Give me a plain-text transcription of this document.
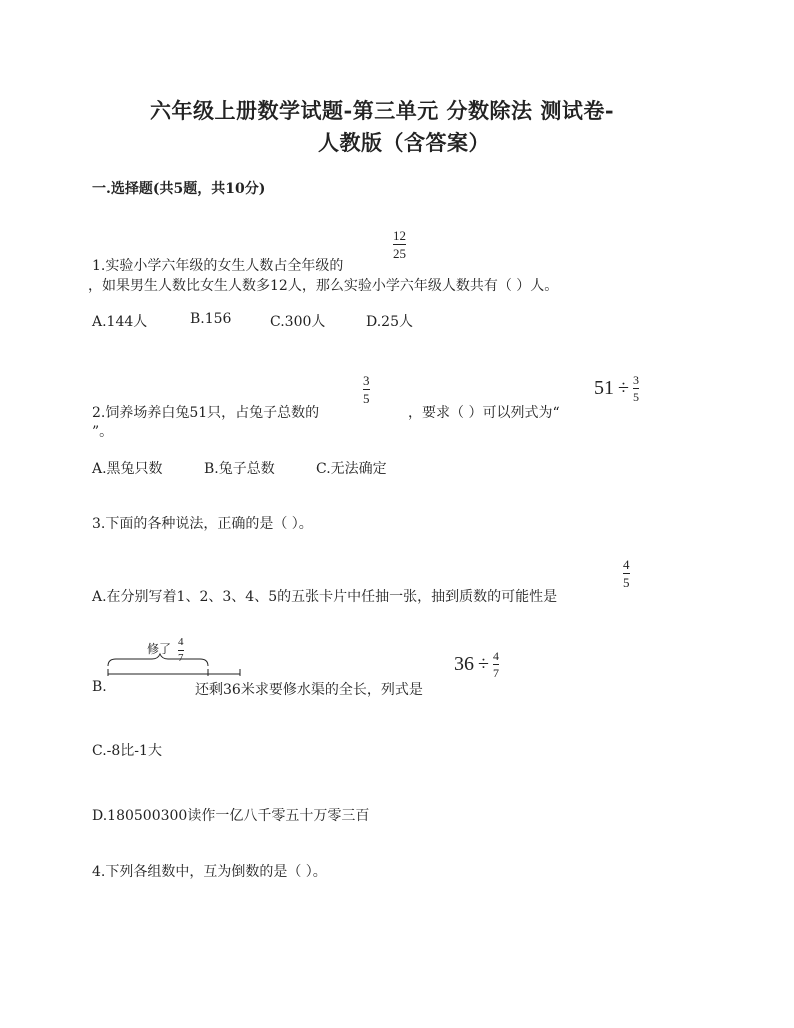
六年级上册数学试题-第三单元 分数除法 测试卷-
人教版（含答案）
一.选择题(共5题，共10分)
1.实验小学六年级的女生人数占全年级的
12
25
，如果男生人数比女生人数多12人，那么实验小学六年级人数共有（ ）人。
A.144人	B.156	C.300人	D.25人
2.饲养场养白兔51只，占兔子总数的
3
5
，要求（ ）可以列式为“
$51 \div \frac{3}{5}$
”。
A.黑兔只数	B.兔子总数	C.无法确定
3.下面的各种说法，正确的是（ ）。
A.在分别写着1、2、3、4、5的五张卡片中任抽一张，抽到质数的可能性是
4
5
B.
修了 4
7
还剩36米求要修水渠的全长，列式是
$36 \div \frac{4}{7}$
C.-8比-1大
D.180500300读作一亿八千零五十万零三百
4.下列各组数中，互为倒数的是（ ）。
